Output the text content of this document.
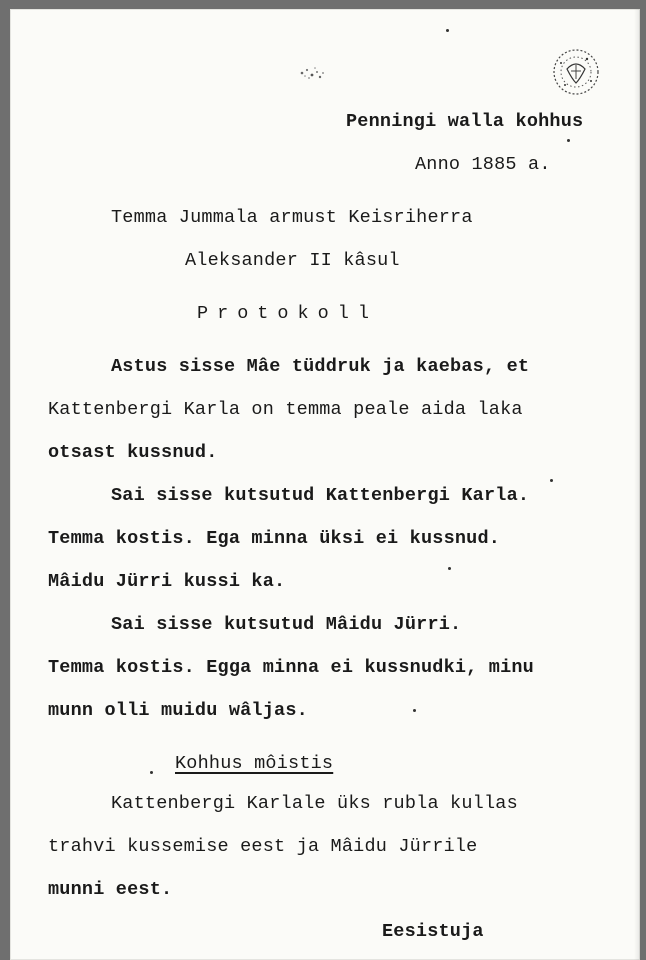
Penningi walla kohhus
Anno 1885 a.
Temma Jummala armust Keisriherra
Aleksander II kâsul
Protokoll
Astus sisse Mâe tüddruk ja kaebas, et
Kattenbergi Karla on temma peale aida laka
otsast kussnud.
Sai sisse kutsutud Kattenbergi Karla.
Temma kostis. Ega minna üksi ei kussnud.
Mâidu Jürri kussi ka.
Sai sisse kutsutud Mâidu Jürri.
Temma kostis. Egga minna ei kussnudki, minu
munn olli muidu wâljas.
Kohhus môistis
Kattenbergi Karlale üks rubla kullas
trahvi kussemise eest ja Mâidu Jürrile
munni eest.
Eesistuja
